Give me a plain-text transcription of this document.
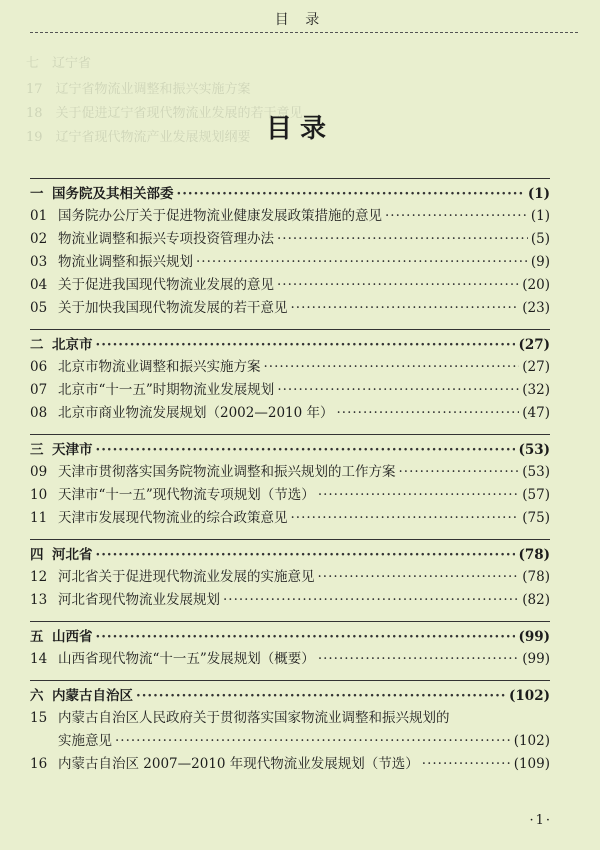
七　辽宁省
17　辽宁省物流业调整和振兴实施方案
18　关于促进辽宁省现代物流业发展的若干意见
19　辽宁省现代物流产业发展规划纲要
目 录
目录
一 国务院及其相关部委 ·····	(1)
01 国务院办公厅关于促进物流业健康发展政策措施的意见 ·····	(1)
02 物流业调整和振兴专项投资管理办法 ·····	(5)
03 物流业调整和振兴规划 ·····	(9)
04 关于促进我国现代物流业发展的意见 ·····	(20)
05 关于加快我国现代物流发展的若干意见 ·····	(23)
二 北京市 ·····	(27)
06 北京市物流业调整和振兴实施方案 ·····	(27)
07 北京市“十一五”时期物流业发展规划 ·····	(32)
08 北京市商业物流发展规划（2002—2010 年） ·····	(47)
三 天津市 ·····	(53)
09 天津市贯彻落实国务院物流业调整和振兴规划的工作方案 ·····	(53)
10 天津市“十一五”现代物流专项规划（节选） ·····	(57)
11 天津市发展现代物流业的综合政策意见 ·····	(75)
四 河北省 ·····	(78)
12 河北省关于促进现代物流业发展的实施意见 ·····	(78)
13 河北省现代物流业发展规划 ·····	(82)
五 山西省 ·····	(99)
14 山西省现代物流“十一五”发展规划（概要） ·····	(99)
六 内蒙古自治区 ·····	(102)
15 内蒙古自治区人民政府关于贯彻落实国家物流业调整和振兴规划的
实施意见 ·····	(102)
16 内蒙古自治区 2007—2010 年现代物流业发展规划（节选） ·····	(109)
·1·
